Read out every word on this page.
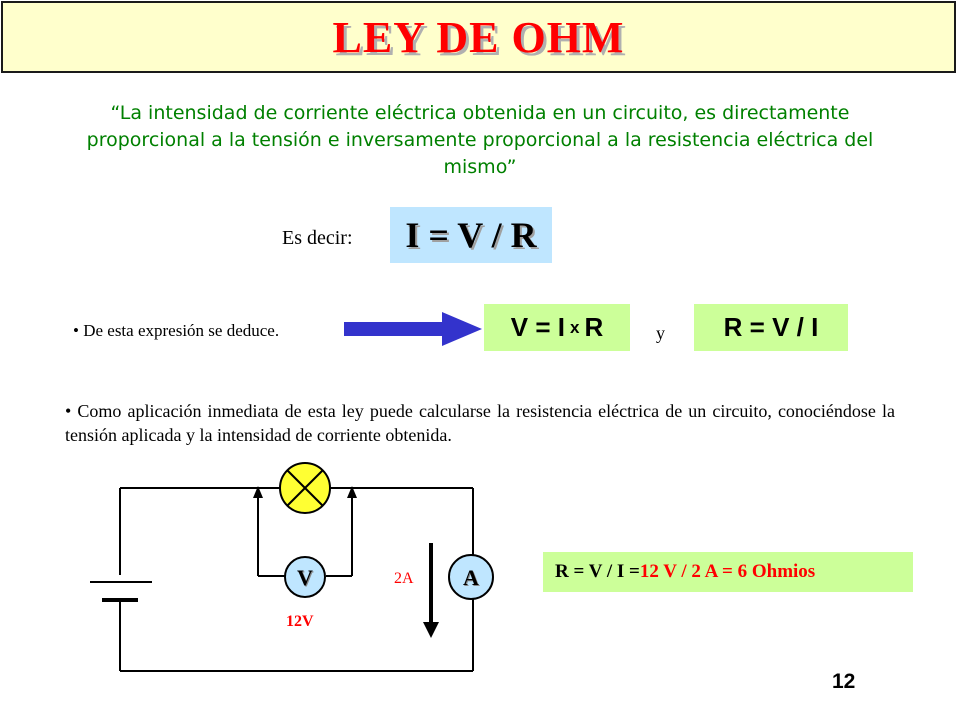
LEY DE OHM
“La intensidad de corriente eléctrica obtenida en un circuito, es directamente proporcional a la tensión e inversamente proporcional a la resistencia eléctrica del mismo”
Es decir:	I = V / R
• De esta expresión se deduce.	V = I x R	y	R = V / I
• Como aplicación inmediata de esta ley puede calcularse la resistencia eléctrica de un circuito, conociéndose la tensión aplicada y la intensidad de corriente obtenida.
V	A
12V
2A	R = V / I = 12 V / 2 A = 6 Ohmios
12
